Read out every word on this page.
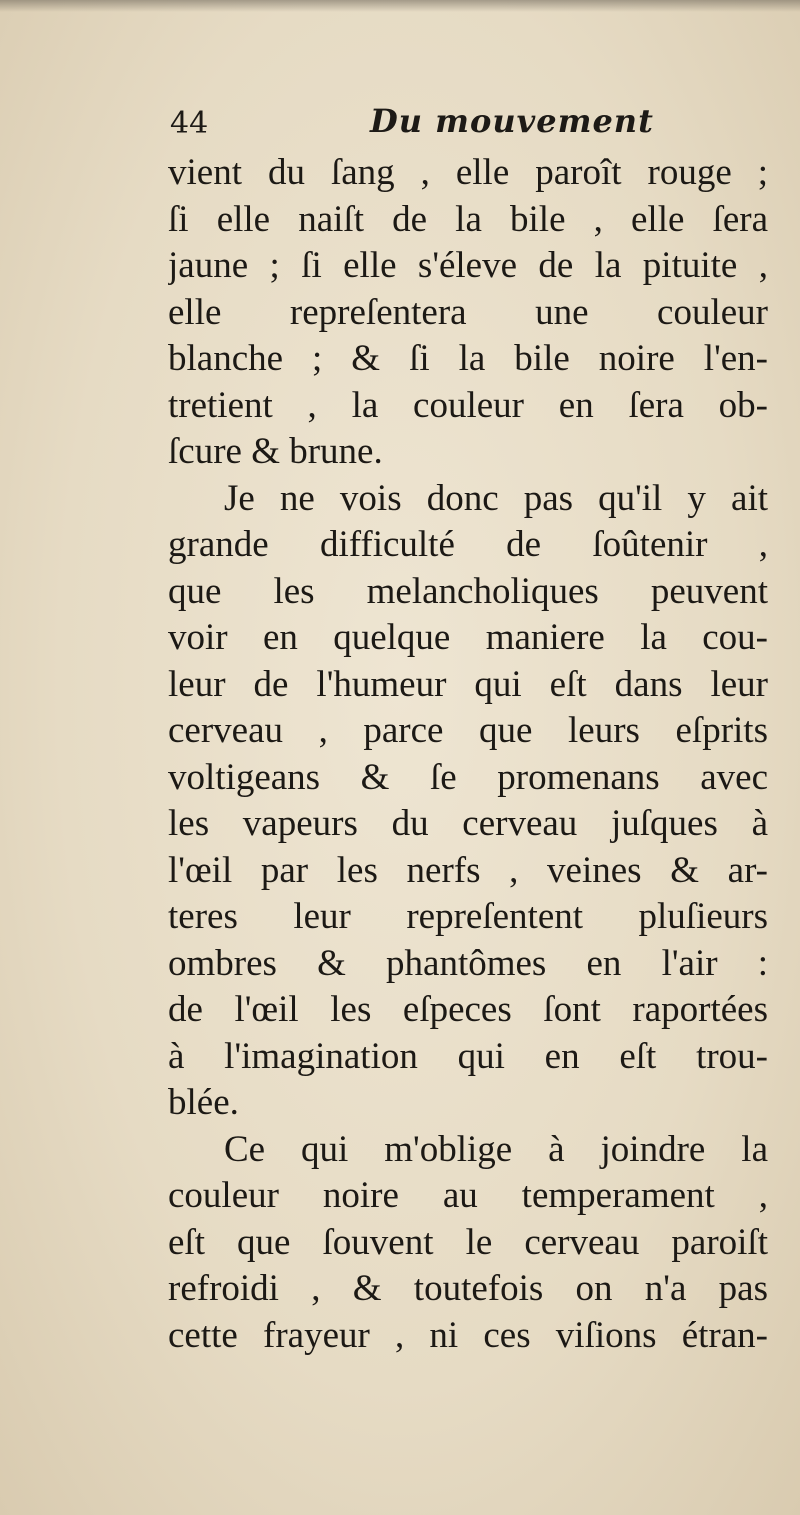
44	Du mouvement
vient du ſang , elle paroît rouge ;
ſi elle naiſt de la bile , elle ſera
jaune ; ſi elle s'éleve de la pituite ,
elle repreſentera une couleur
blanche ; & ſi la bile noire l'en-
tretient , la couleur en ſera ob-
ſcure & brune.
Je ne vois donc pas qu'il y ait
grande difficulté de ſoûtenir ,
que les melancholiques peuvent
voir en quelque maniere la cou-
leur de l'humeur qui eſt dans leur
cerveau , parce que leurs eſprits
voltigeans & ſe promenans avec
les vapeurs du cerveau juſques à
l'œil par les nerfs , veines & ar-
teres leur repreſentent pluſieurs
ombres & phantômes en l'air :
de l'œil les eſpeces ſont raportées
à l'imagination qui en eſt trou-
blée.
Ce qui m'oblige à joindre la
couleur noire au temperament ,
eſt que ſouvent le cerveau paroiſt
refroidi , & toutefois on n'a pas
cette frayeur , ni ces viſions étran-
